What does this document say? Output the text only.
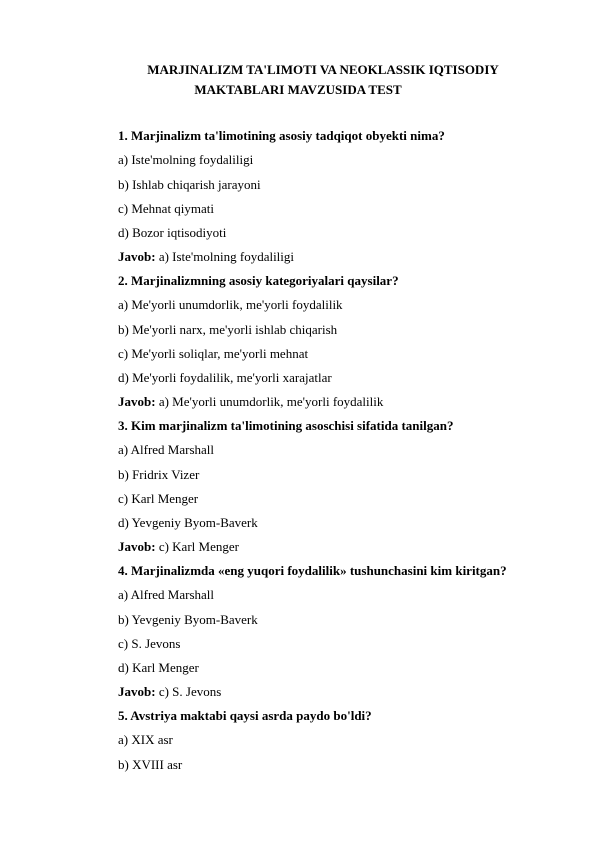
MARJINALIZM TA'LIMOTI VA NEOKLASSIK IQTISODIY
MAKTABLARI MAVZUSIDA TEST
1. Marjinalizm ta'limotining asosiy tadqiqot obyekti nima?
a) Iste'molning foydaliligi
b) Ishlab chiqarish jarayoni
c) Mehnat qiymati
d) Bozor iqtisodiyoti
Javob: a) Iste'molning foydaliligi
2. Marjinalizmning asosiy kategoriyalari qaysilar?
a) Me'yorli unumdorlik, me'yorli foydalilik
b) Me'yorli narx, me'yorli ishlab chiqarish
c) Me'yorli soliqlar, me'yorli mehnat
d) Me'yorli foydalilik, me'yorli xarajatlar
Javob: a) Me'yorli unumdorlik, me'yorli foydalilik
3. Kim marjinalizm ta'limotining asoschisi sifatida tanilgan?
a) Alfred Marshall
b) Fridrix Vizer
c) Karl Menger
d) Yevgeniy Byom-Baverk
Javob: c) Karl Menger
4. Marjinalizmda «eng yuqori foydalilik» tushunchasini kim kiritgan?
a) Alfred Marshall
b) Yevgeniy Byom-Baverk
c) S. Jevons
d) Karl Menger
Javob: c) S. Jevons
5. Avstriya maktabi qaysi asrda paydo bo'ldi?
a) XIX asr
b) XVIII asr
